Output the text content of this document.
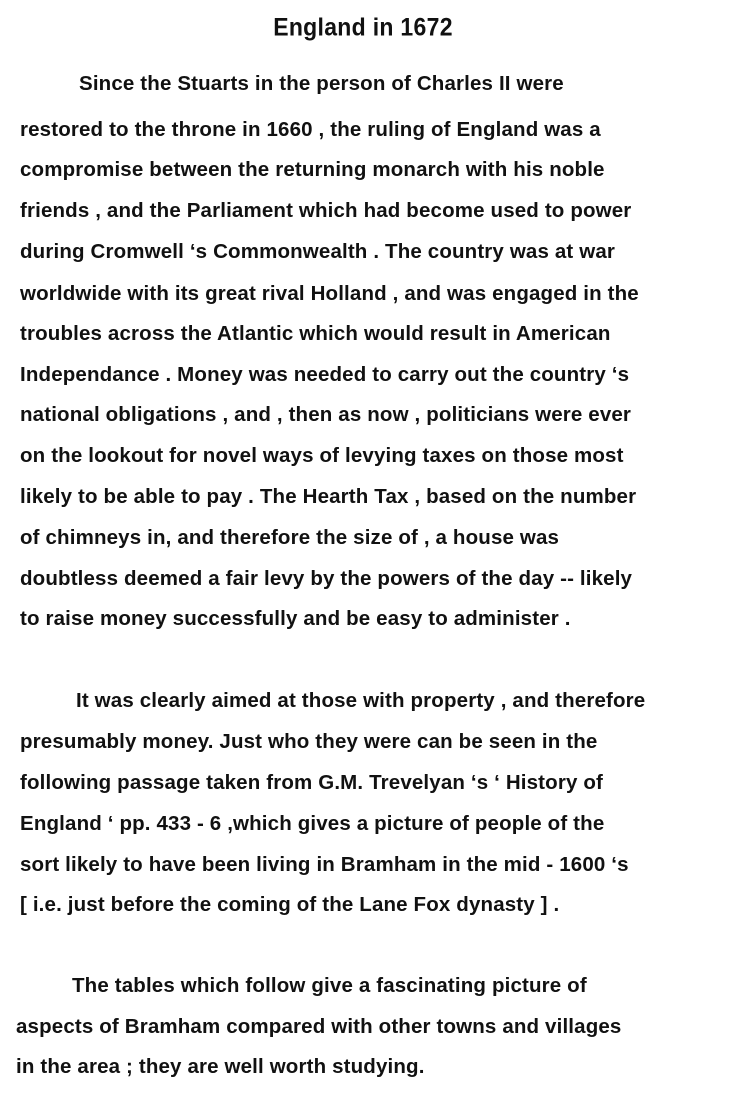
England in 1672
Since the Stuarts in the person of Charles II were
restored to the throne in 1660 , the ruling of England was a
compromise between the returning monarch with his noble
friends , and the Parliament which had become used to power
during Cromwell ‘s Commonwealth . The country was at war
worldwide with its great rival Holland , and was engaged in the
troubles across the Atlantic which would result in American
Independance . Money was needed to carry out the country ‘s
national obligations , and , then as now , politicians were ever
on the lookout for novel ways of levying taxes on those most
likely to be able to pay . The Hearth Tax , based on the number
of chimneys in, and therefore the size of , a house was
doubtless deemed a fair levy by the powers of the day -- likely
to raise money successfully and be easy to administer .
It was clearly aimed at those with property , and therefore
presumably money. Just who they were can be seen in the
following passage taken from G.M. Trevelyan ‘s ‘ History of
England ‘ pp. 433 - 6 ,which gives a picture of people of the
sort likely to have been living in Bramham in the mid - 1600 ‘s
[ i.e. just before the coming of the Lane Fox dynasty ] .
The tables which follow give a fascinating picture of
aspects of Bramham compared with other towns and villages
in the area ; they are well worth studying.
